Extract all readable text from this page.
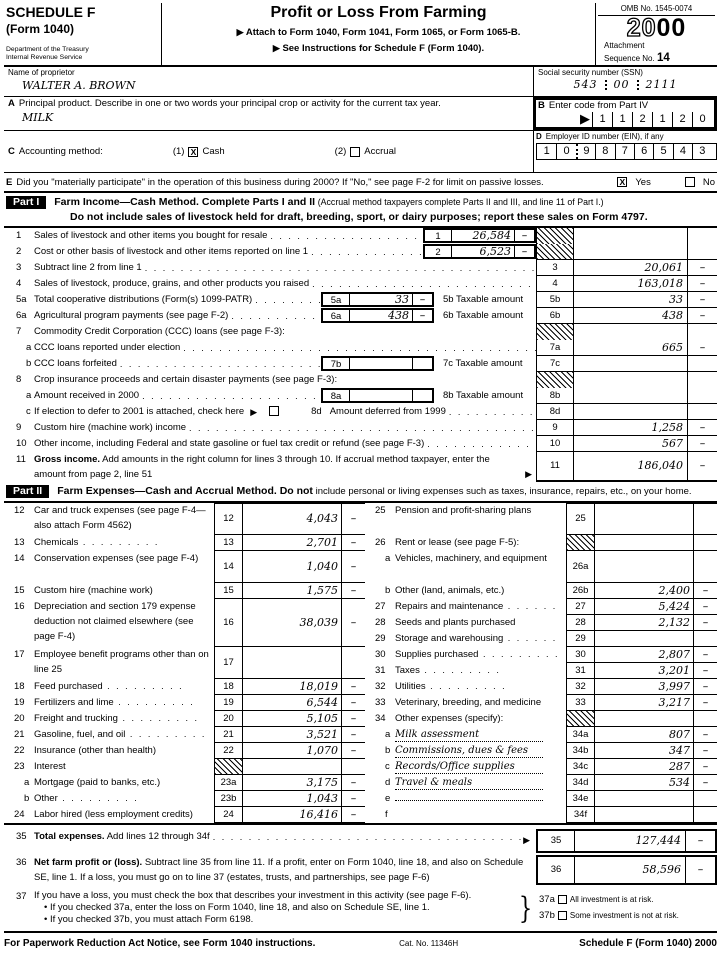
SCHEDULE F
(Form 1040)
Department of the Treasury
Internal Revenue Service
Profit or Loss From Farming
▶ Attach to Form 1040, Form 1041, Form 1065, or Form 1065-B.
▶ See Instructions for Schedule F (Form 1040).
OMB No. 1545-0074
2000
Attachment
Sequence No. 14
Name of proprietor
WALTER A. BROWN
Social security number (SSN)
543 00 2111
A Principal product. Describe in one or two words your principal crop or activity for the current tax year.
MILK
B Enter code from Part IV
▶ 1	1	2	1	2	0
C Accounting method:	(1) X Cash	(2) Accrual
D Employer ID number (EIN), if any
1	0	9	8	7	6	5	4	3
E Did you "materially participate" in the operation of this business during 2000? If "No," see page F-2 for limit on passive losses.	X Yes	No
Part I Farm Income—Cash Method. Complete Parts I and II (Accrual method taxpayers complete Parts II and III, and line 11 of Part I.)
Do not include sales of livestock held for draft, breeding, sport, or dairy purposes; report these sales on Form 4797.
1	Sales of livestock and other items you bought for resale . . .	1	26,584 –
2	Cost or other basis of livestock and other items reported on line 1 . . .	2	6,523 –
3	Subtract line 2 from line 1 . . .	3	20,061	–
4	Sales of livestock, produce, grains, and other products you raised . . .	4	163,018	–
5a Total cooperative distributions (Form(s) 1099-PATR) . . .	5a	33 –	5b Taxable amount	5b	33	–
6a Agricultural program payments (see page F-2) . . .	6a	438 –	6b Taxable amount	6b	438	–
7	Commodity Credit Corporation (CCC) loans (see page F-3):
a CCC loans reported under election . . .	7a	665	–
b CCC loans forfeited . . .	7b	7c Taxable amount	7c
8	Crop insurance proceeds and certain disaster payments (see page F-3):
a Amount received in 2000 . . .	8a	8b Taxable amount	8b
c If election to defer to 2001 is attached, check here ▶	8d Amount deferred from 1999 . . .	8d
9	Custom hire (machine work) income . . .	9	1,258	–
10 Other income, including Federal and state gasoline or fuel tax credit or refund (see page F-3) . . .	10	567	–
11 Gross income. Add amounts in the right column for lines 3 through 10. If accrual method taxpayer, enter the amount from page 2, line 51	▶
11	186,040	–
Part II Farm Expenses—Cash and Accrual Method. Do not include personal or living expenses such as taxes, insurance, repairs, etc., on your home.
12 Car and truck expenses (see page F-4—also attach Form 4562)
12	4,043	–
13 Chemicals . .	13	2,701	–
14 Conservation expenses (see page F-4)
14	1,040	–
15 Custom hire (machine work)	15	1,575	–
16 Depreciation and section 179 expense deduction not claimed elsewhere (see page F-4)
16	38,039	–
17 Employee benefit programs other than on line 25
17
18 Feed purchased . .	18	18,019	–
19 Fertilizers and lime . .	19	6,544	–
20 Freight and trucking . .	20	5,105	–
21 Gasoline, fuel, and oil . .	21	3,521	–
22 Insurance (other than health)	22	1,070	–
23 Interest
a Mortgage (paid to banks, etc.)	23a	3,175	–
b Other . .	23b	1,043	–
24 Labor hired (less employment credits)	24	16,416	–
25 Pension and profit-sharing plans
25
26 Rent or lease (see page F-5):
a Vehicles, machinery, and equipment
26a
b Other (land, animals, etc.)	26b	2,400	–
27 Repairs and maintenance . .	27	5,424	–
28 Seeds and plants purchased	28	2,132	–
29 Storage and warehousing . .	29
30 Supplies purchased . .	30	2,807	–
31 Taxes . .	31	3,201	–
32 Utilities . .	32	3,997	–
33 Veterinary, breeding, and medicine	33	3,217	–
34 Other expenses (specify):
a Milk assessment	34a	807	–
b Commissions, dues & fees	34b	347	–
c Records/Office supplies	34c	287	–
d Travel & meals	34d	534	–
e	34e
f	34f
35 Total expenses. Add lines 12 through 34f . . .	▶	35	127,444	–
36 Net farm profit or (loss). Subtract line 35 from line 11. If a profit, enter on Form 1040, line 18, and also on Schedule SE, line 1. If a loss, you must go on to line 37 (estates, trusts, and partnerships, see page F-6)
36	58,596	–
37 If you have a loss, you must check the box that describes your investment in this activity (see page F-6).
• If you checked 37a, enter the loss on Form 1040, line 18, and also on Schedule SE, line 1.
• If you checked 37b, you must attach Form 6198.	} 37a All investment is at risk.
37b Some investment is not at risk.
For Paperwork Reduction Act Notice, see Form 1040 instructions.	Cat. No. 11346H	Schedule F (Form 1040) 2000
